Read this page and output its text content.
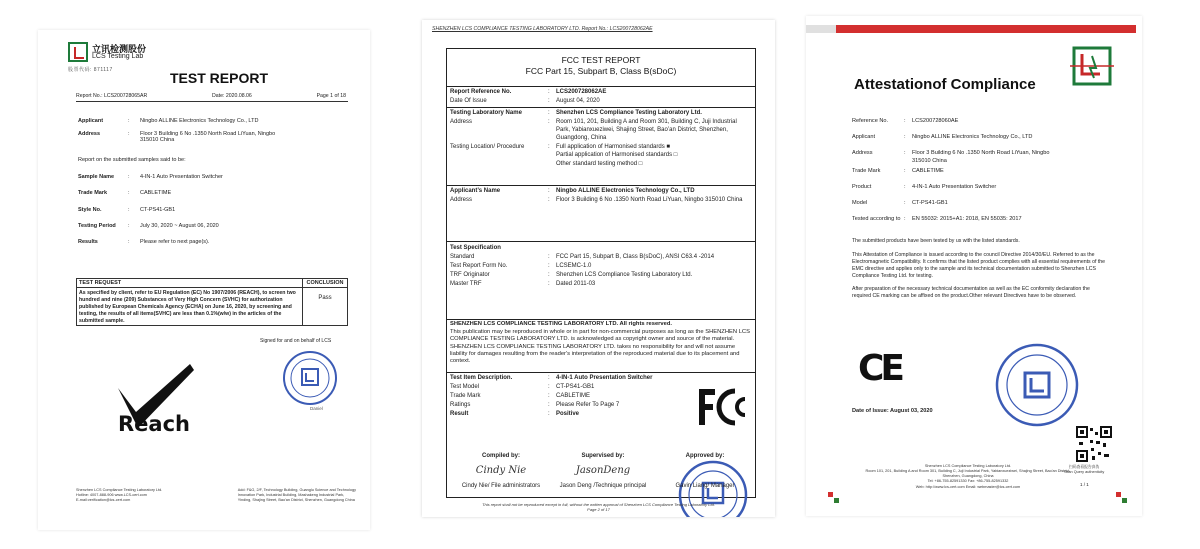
立讯检测股份
LCS Testing Lab
股票代码: 871117	TEST REPORT
Report No.: LCS200728065AR	Date: 2020.08.06	Page 1 of 18
Applicant	:	Ningbo ALLINE Electronics Technology Co., LTD
Address	:	Floor 3 Building 6 No .1350 North Road LiYuan, Ningbo 315010 China
Report on the submitted samples said to be:
Sample Name	:	4-IN-1 Auto Presentation Switcher
Trade Mark	:	CABLETIME
Style No.	:	CT-PS41-GB1
Testing Period	:	July 30, 2020 ~ August 06, 2020
Results	:	Please refer to next page(s).
TEST REQUEST
As specified by client, refer to EU Regulation (EC) No 1907/2006 (REACH), to screen two hundred and nine (209) Substances of Very High Concern (SVHC) for authorization published by European Chemicals Agency (ECHA) on June 16, 2020, by screening and testing, the results of all items(SVHC) are less than 0.1%(w/w) in the articles of the submitted sample.
CONCLUSION
Pass
Reach
Signed for and on behalf of LCS
Daniel
Shenzhen LCS Compliance Testing Laboratory Ltd.
Hotline: 4007-888-906 www.LCS-cert.com
E-mail:verification@lcs-cert.com
Add: F&G, 2/F, Technology Building, Guanglu Science and Technology
Innovation Park, Industrial Building, Mashakeng Industrial Park,
Yinding, Shajing Street, Bao'an District, Shenzhen, Guangdong China
SHENZHEN LCS COMPLIANCE TESTING LABORATORY LTD. Report No.: LCS200728062AE
FCC TEST REPORT
FCC Part 15, Subpart B, Class B(sDoC)
Report Reference No.	:	LCS200728062AE
Date Of Issue	:	August 04, 2020
Testing Laboratory Name	:	Shenzhen LCS Compliance Testing Laboratory Ltd.
Address	:	Room 101, 201, Building A and Room 301, Building C, Juji Industrial Park, Yabianxueziwei, Shajing Street, Bao’an District, Shenzhen, Guangdong, China
Testing Location/ Procedure	:	Full application of Harmonised standards ■
Partial application of Harmonised standards □
Other standard testing method □
Applicant’s Name	:	Ningbo ALLINE Electronics Technology Co., LTD
Address	:	Floor 3 Building 6 No .1350 North Road LiYuan, Ningbo 315010 China
Test Specification
Standard	:	FCC Part 15, Subpart B, Class B(sDoC), ANSI C63.4 -2014
Test Report Form No.	:	LCSEMC-1.0
TRF Originator	:	Shenzhen LCS Compliance Testing Laboratory Ltd.
Master TRF	:	Dated 2011-03
SHENZHEN LCS COMPLIANCE TESTING LABORATORY LTD. All rights reserved.
This publication may be reproduced in whole or in part for non-commercial purposes as long as the SHENZHEN LCS COMPLIANCE TESTING LABORATORY LTD. is acknowledged as copyright owner and source of the material. SHENZHEN LCS COMPLIANCE TESTING LABORATORY LTD. takes no responsibility for and will not assume liability for damages resulting from the reader's interpretation of the reproduced material due to its placement and context.
Test Item Description.	:	4-IN-1 Auto Presentation Switcher
Test Model	:	CT-PS41-GB1
Trade Mark	:	CABLETIME
Ratings	:	Please Refer To Page 7
Result	:	Positive
Compiled by:
Cindy Nie
Cindy Nie/ File administrators
Supervised by:
JasonDeng
Jason Deng /Technique principal
Approved by:
Gavin Liang/ Manager
This report shall not be reproduced except in full, without the written approval of Shenzhen LCS Compliance Testing Laboratory Ltd.
Page 2 of 17
Attestationof Compliance
Reference No.	:	LCS200728060AE
Applicant	:	Ningbo ALLINE Electronics Technology Co., LTD
Address	:	Floor 3 Building 6 No .1350 North Road LiYuan, Ningbo 315010 China
Trade Mark	:	CABLETIME
Product	:	4-IN-1 Auto Presentation Switcher
Model	:	CT-PS41-GB1
Tested according to :	EN 55032: 2015+A1: 2018, EN 55035: 2017
The submitted products have been tested by us with the listed standards.
This Attestation of Compliance is issued according to the council Directive 2014/30/EU. Referred to as the Electromagnetic Compatibility. It confirms that the listed product complies with all essential requirements of the EMC directive and applies only to the sample and its technical documentation submitted to Shenzhen LCS Compliance Testing Ltd. for testing.
After preparation of the necessary technical documentation as well as the EC conformity declaration the required CE marking can be affixed on the product.Other relevant Directives have to be observed.
CE
Date of Issue: August 03, 2020
扫码查看报告真伪
Scan Query authenticity
Shenzhen LCS Compliance Testing Laboratory Ltd.
Room 101, 201, Building A and Room 301, Building C, Juji Industrial Park, Yabianxueziwei, Shajing Street, Bao'an District, Shenzhen, Guangdong, China
Tel: +86-755-82591330 Fax: +86-755-82591332
Web: http://www.lcs-cert.com Email: webmaster@lcs-cert.com	1 / 1
